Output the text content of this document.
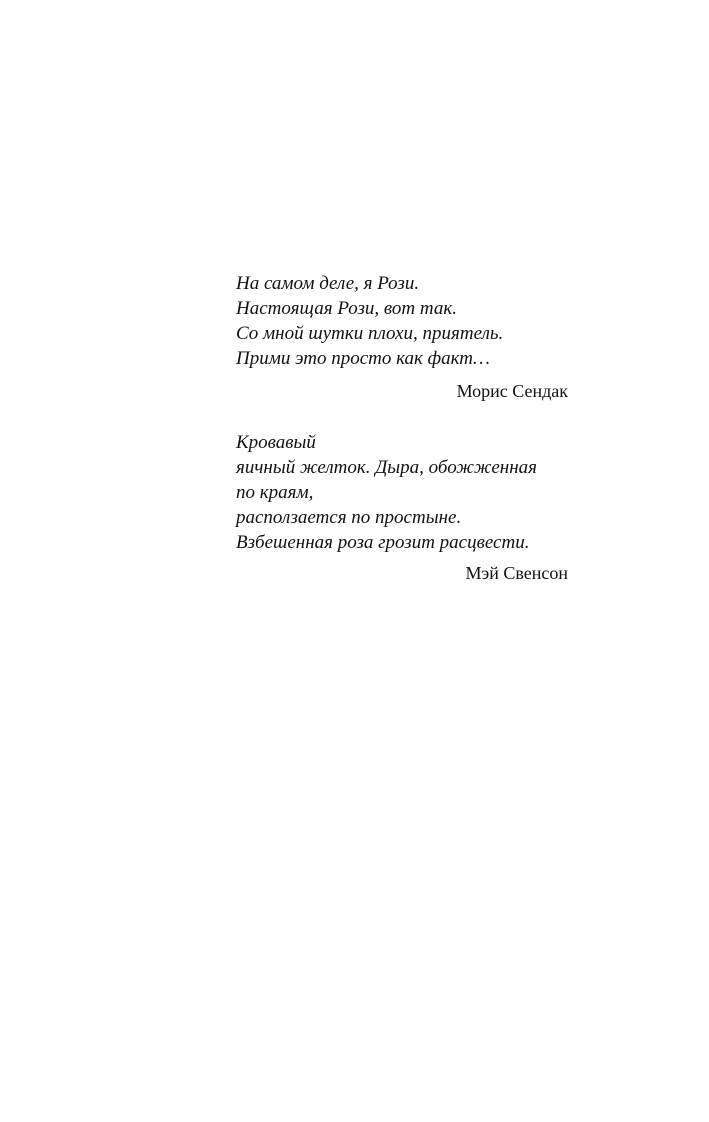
На самом деле, я Рози.

Настоящая Рози, вот так.

Со мной шутки плохи, приятель.

Прими это просто как факт…

Морис Сендак

Кровавый

яичный желток. Дыра, обожженная

по краям,

расползается по простыне.

Взбешенная роза грозит расцвести.

Мэй Свенсон
